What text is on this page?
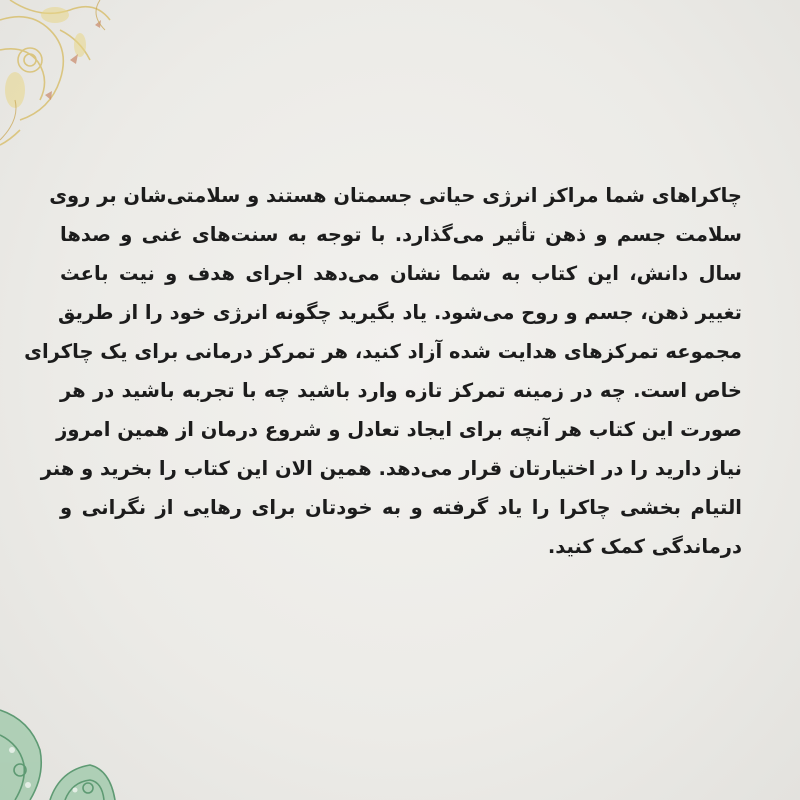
چاکراهای شما مراکز انرژی حیاتی جسمتان هستند و سلامتی‌شان بر روی
سلامت جسم و ذهن تأثیر می‌گذارد. با توجه به سنت‌های غنی و صدها
سال دانش، این کتاب به شما نشان می‌دهد اجرای هدف و نیت باعث
تغییر ذهن، جسم و روح می‌شود. یاد بگیرید چگونه انرژی خود را از طریق
مجموعه تمرکزهای هدایت شده آزاد کنید، هر تمرکز درمانی برای یک چاکرای
خاص است. چه در زمینه تمرکز تازه وارد باشید چه با تجربه باشید در هر
صورت این کتاب هر آنچه برای ایجاد تعادل و شروع درمان از همین امروز
نیاز دارید را در اختیارتان قرار می‌دهد. همین الان این کتاب را بخرید و هنر
التیام بخشی چاکرا را یاد گرفته و به خودتان برای رهایی از نگرانی و
درماندگی کمک کنید.
